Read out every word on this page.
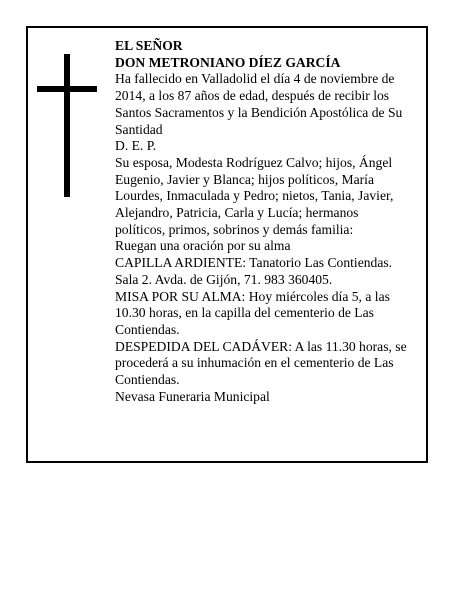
EL SEÑOR

DON METRONIANO DÍEZ GARCÍA

Ha fallecido en Valladolid el día 4 de noviembre de 2014, a los 87 años de edad, después de recibir los Santos Sacramentos y la Bendición Apostólica de Su Santidad

D. E. P.

Su esposa, Modesta Rodríguez Calvo; hijos, Ángel Eugenio, Javier y Blanca; hijos políticos, María Lourdes, Inmaculada y Pedro; nietos, Tania, Javier, Alejandro, Patricia, Carla y Lucía; hermanos políticos, primos, sobrinos y demás familia:

Ruegan una oración por su alma

CAPILLA ARDIENTE: Tanatorio Las Contiendas. Sala 2. Avda. de Gijón, 71. 983 360405.

MISA POR SU ALMA: Hoy miércoles día 5, a las 10.30 horas, en la capilla del cementerio de Las Contiendas.

DESPEDIDA DEL CADÁVER: A las 11.30 horas, se procederá a su inhumación en el cementerio de Las Contiendas.

Nevasa Funeraria Municipal
